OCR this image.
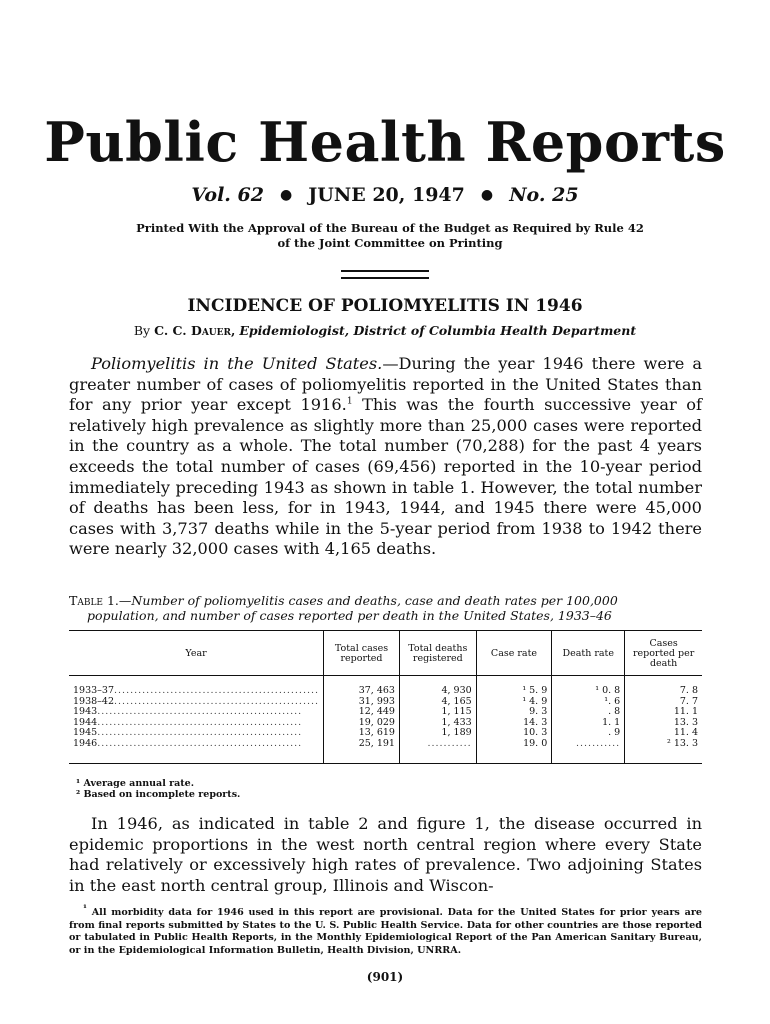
Public Health Reports
Vol. 62 ● JUNE 20, 1947 ● No. 25
Printed With the Approval of the Bureau of the Budget as Required by Rule 42
of the Joint Committee on Printing
INCIDENCE OF POLIOMYELITIS IN 1946
By C. C. Dauer, Epidemiologist, District of Columbia Health Department

Poliomyelitis in the United States.—During the year 1946 there were a greater number of cases of poliomyelitis reported in the United States than for any prior year except 1916.$^1$ This was the fourth successive year of relatively high prevalence as slightly more than 25,000 cases were reported in the country as a whole. The total number (70,288) for the past 4 years exceeds the total number of cases (69,456) reported in the 10-year period immediately preceding 1943 as shown in table 1. However, the total number of deaths has been less, for in 1943, 1944, and 1945 there were 45,000 cases with 3,737 deaths while in the 5-year period from 1938 to 1942 there were nearly 32,000 cases with 4,165 deaths.

Table 1.—Number of poliomyelitis cases and deaths, case and death rates per 100,000
population, and number of cases reported per death in the United States, 1933–46
Year	Total cases reported	Total deaths registered	Case rate	Death rate	Cases reported per death
1933–37...................................................	37, 463	4, 930	¹ 5. 9	¹ 0. 8	7. 8
1938–42...................................................	31, 993	4, 165	¹ 4. 9	¹. 6	7. 7
1943...................................................	12, 449	1, 115	9. 3	. 8	11. 1
1944...................................................	19, 029	1, 433	14. 3	1. 1	13. 3
1945...................................................	13, 619	1, 189	10. 3	. 9	11. 4
1946...................................................	25, 191	...........	19. 0	...........	² 13. 3
¹ Average annual rate.
² Based on incomplete reports.

In 1946, as indicated in table 2 and figure 1, the disease occurred in epidemic proportions in the west north central region where every State had relatively or excessively high rates of prevalence. Two adjoining States in the east north central group, Illinois and Wiscon-

$^{^1}$ All morbidity data for 1946 used in this report are provisional. Data for the United States for prior years are from final reports submitted by States to the U. S. Public Health Service. Data for other countries are those reported or tabulated in Public Health Reports, in the Monthly Epidemiological Report of the Pan American Sanitary Bureau, or in the Epidemiological Information Bulletin, Health Division, UNRRA.

(901)
